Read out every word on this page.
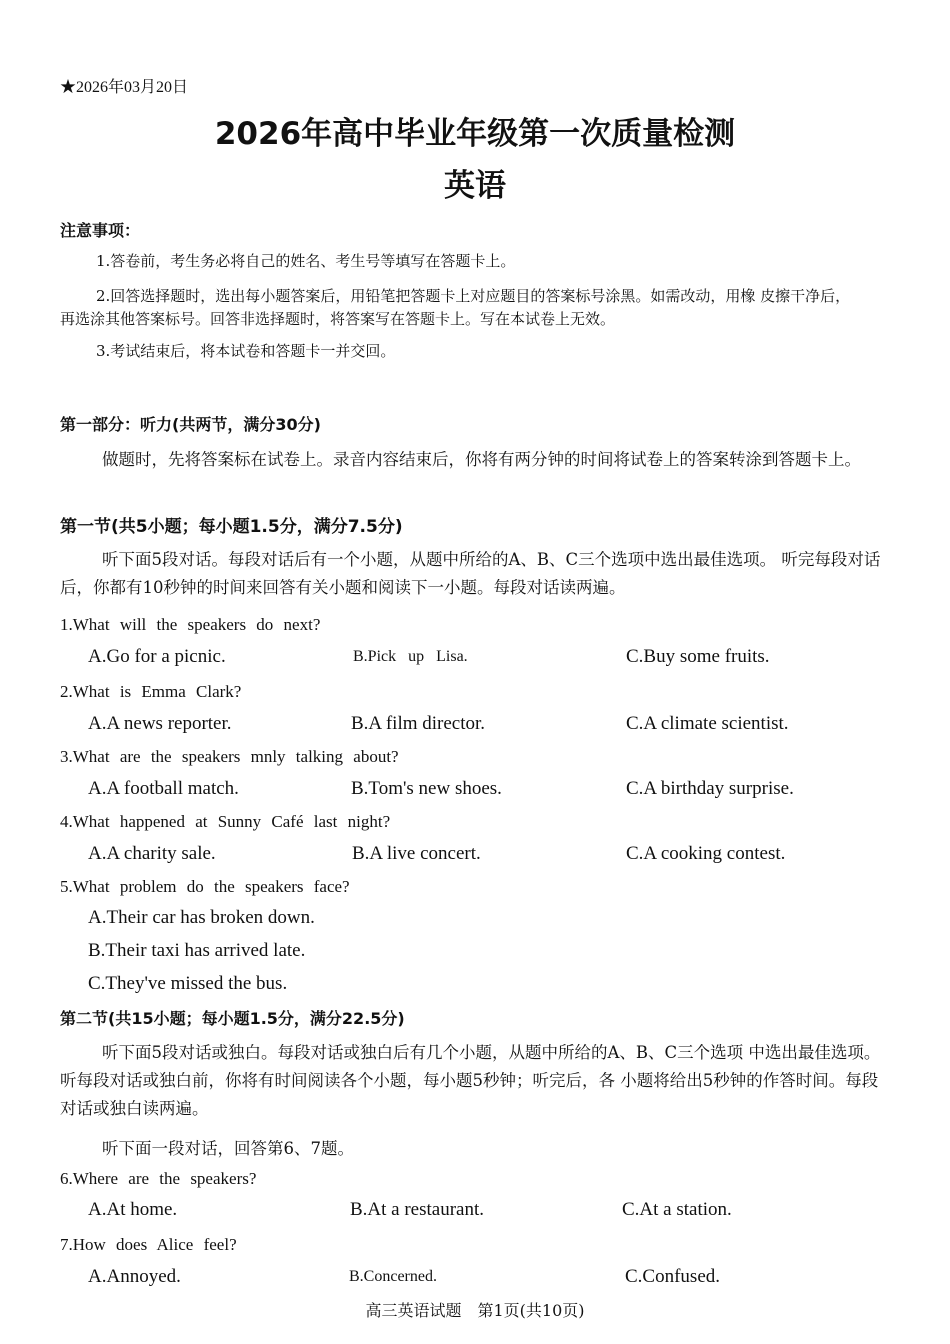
★2026年03月20日
2026年高中毕业年级第一次质量检测
英语
注意事项：
1.答卷前，考生务必将自己的姓名、考生号等填写在答题卡上。
2.回答选择题时，选出每小题答案后，用铅笔把答题卡上对应题目的答案标号涂黑。如需改动，用橡 皮擦干净后，再选涂其他答案标号。回答非选择题时，将答案写在答题卡上。写在本试卷上无效。
3.考试结束后，将本试卷和答题卡一并交回。
第一部分：听力(共两节，满分30分)
做题时，先将答案标在试卷上。录音内容结束后，你将有两分钟的时间将试卷上的答案转涂到答题卡上。
第一节(共5小题；每小题1.5分，满分7.5分)
听下面5段对话。每段对话后有一个小题，从题中所给的A、B、C三个选项中选出最佳选项。 听完每段对话后，你都有10秒钟的时间来回答有关小题和阅读下一小题。每段对话读两遍。
1.What will the speakers do next?
A.Go for a picnic.	B.Pick up Lisa.	C.Buy some fruits.
2.What is Emma Clark?
A.A news reporter.	B.A film director.	C.A climate scientist.
3.What are the speakers mnly talking about?
A.A football match.	B.Tom's new shoes.	C.A birthday surprise.
4.What happened at Sunny Café last night?
A.A charity sale.	B.A live concert.	C.A cooking contest.
5.What problem do the speakers face?
A.Their car has broken down.
B.Their taxi has arrived late.
C.They've missed the bus.
第二节(共15小题；每小题1.5分，满分22.5分)
听下面5段对话或独白。每段对话或独白后有几个小题，从题中所给的A、B、C三个选项 中选出最佳选项。听每段对话或独白前，你将有时间阅读各个小题，每小题5秒钟；听完后，各 小题将给出5秒钟的作答时间。每段对话或独白读两遍。
听下面一段对话，回答第6、7题。
6.Where are the speakers?
A.At home.	B.At a restaurant.	C.At a station.
7.How does Alice feel?
A.Annoyed.	B.Concerned.	C.Confused.
高三英语试题　第1页(共10页)
